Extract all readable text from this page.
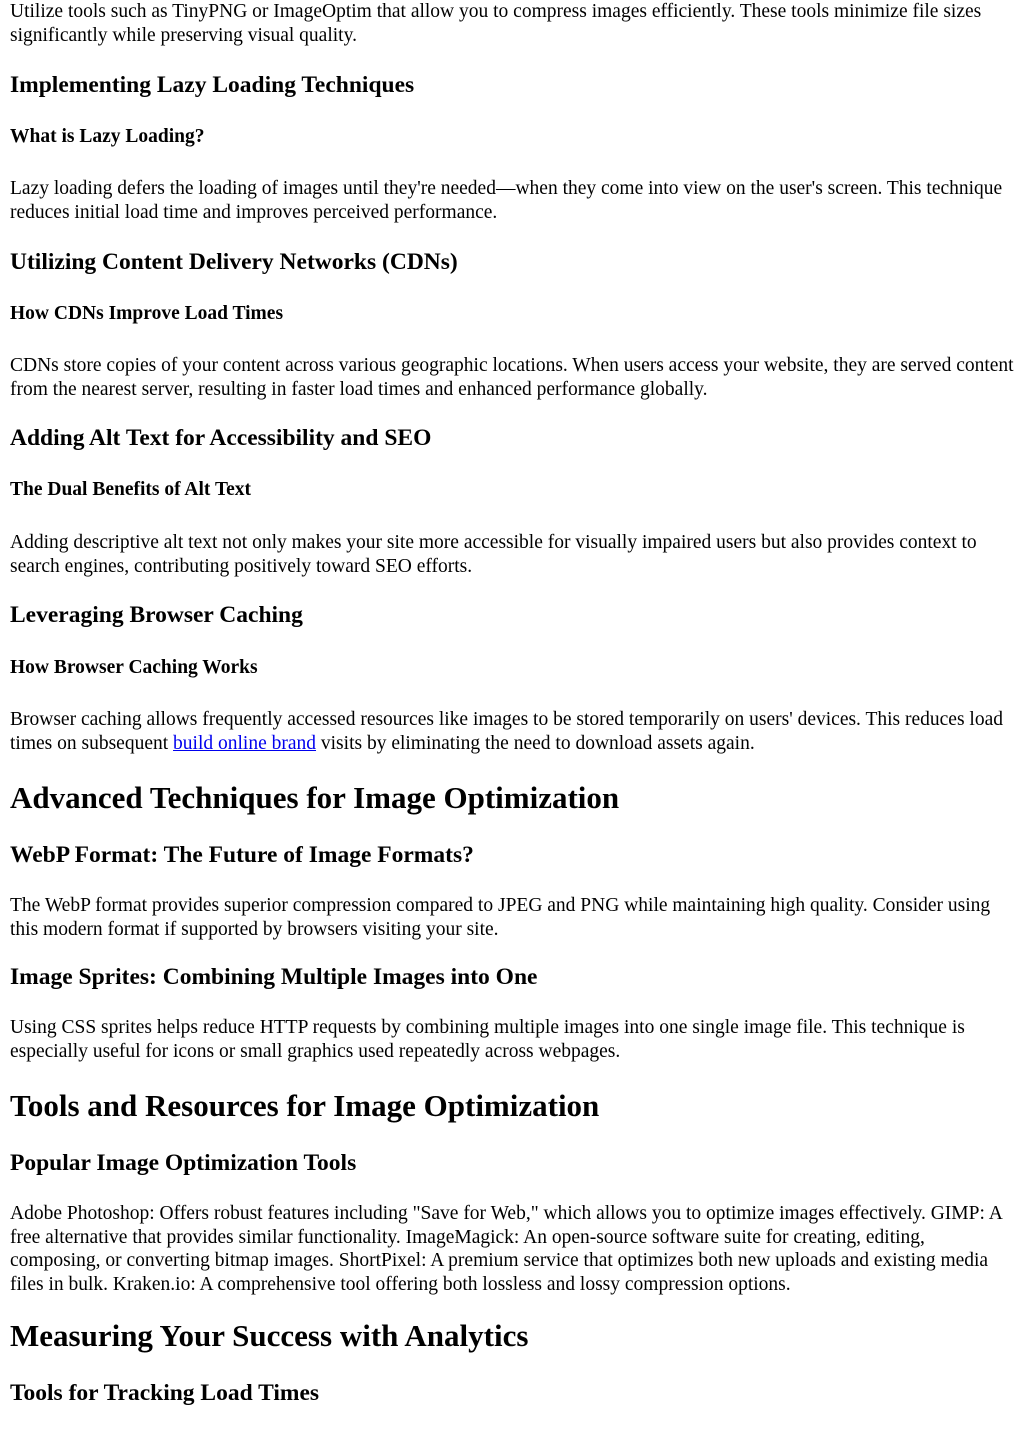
Utilize tools such as TinyPNG or ImageOptim that allow you to compress images efficiently. These tools minimize file sizes significantly while preserving visual quality.

Implementing Lazy Loading Techniques
What is Lazy Loading?

Lazy loading defers the loading of images until they're needed—when they come into view on the user's screen. This technique reduces initial load time and improves perceived performance.

Utilizing Content Delivery Networks (CDNs)
How CDNs Improve Load Times

CDNs store copies of your content across various geographic locations. When users access your website, they are served content from the nearest server, resulting in faster load times and enhanced performance globally.

Adding Alt Text for Accessibility and SEO
The Dual Benefits of Alt Text

Adding descriptive alt text not only makes your site more accessible for visually impaired users but also provides context to search engines, contributing positively toward SEO efforts.

Leveraging Browser Caching
How Browser Caching Works

Browser caching allows frequently accessed resources like images to be stored temporarily on users' devices. This reduces load times on subsequent build online brand visits by eliminating the need to download assets again.

Advanced Techniques for Image Optimization
WebP Format: The Future of Image Formats?

The WebP format provides superior compression compared to JPEG and PNG while maintaining high quality. Consider using this modern format if supported by browsers visiting your site.

Image Sprites: Combining Multiple Images into One

Using CSS sprites helps reduce HTTP requests by combining multiple images into one single image file. This technique is especially useful for icons or small graphics used repeatedly across webpages.

Tools and Resources for Image Optimization
Popular Image Optimization Tools

Adobe Photoshop: Offers robust features including "Save for Web," which allows you to optimize images effectively. GIMP: A free alternative that provides similar functionality. ImageMagick: An open-source software suite for creating, editing, composing, or converting bitmap images. ShortPixel: A premium service that optimizes both new uploads and existing media files in bulk. Kraken.io: A comprehensive tool offering both lossless and lossy compression options.

Measuring Your Success with Analytics
Tools for Tracking Load Times
